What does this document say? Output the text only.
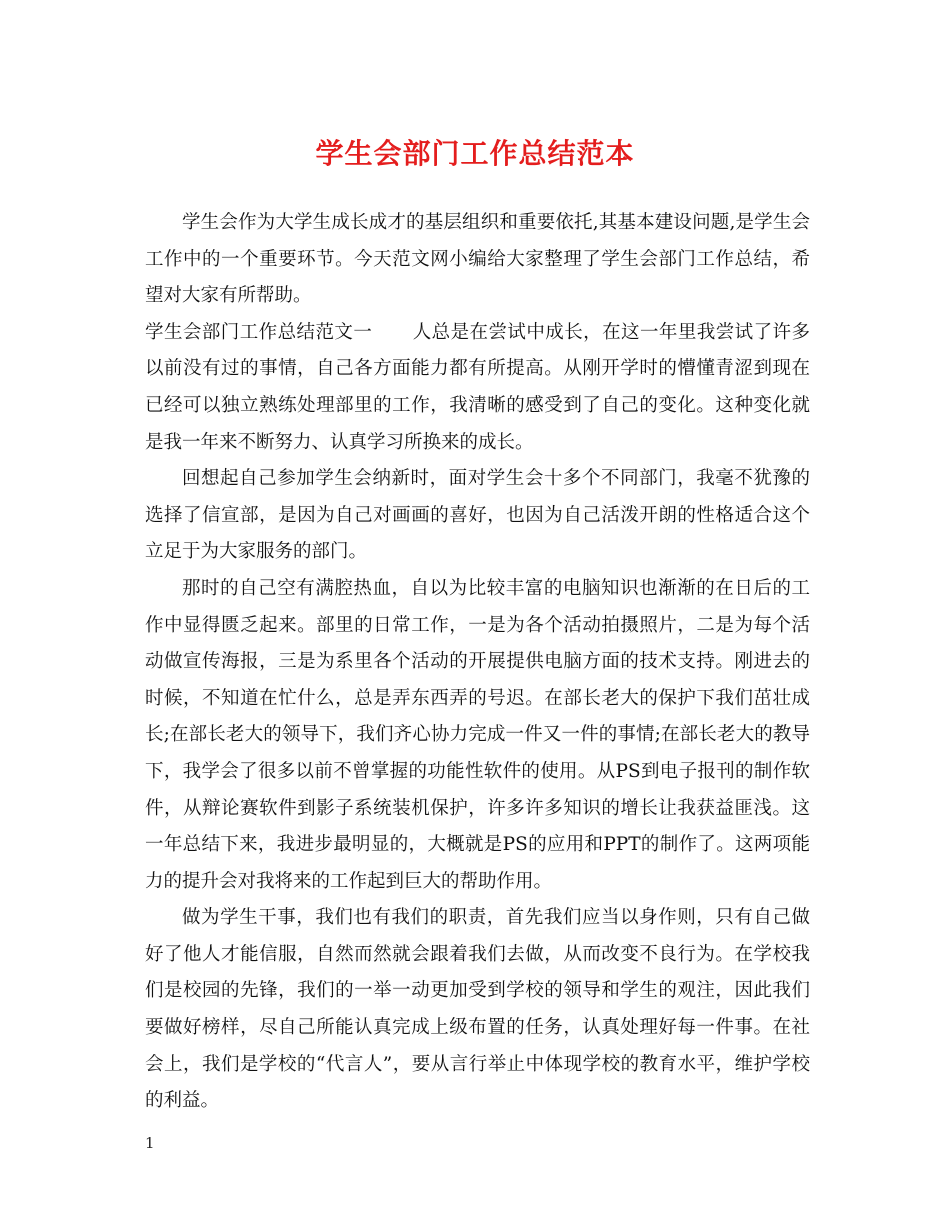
学生会部门工作总结范本

学生会作为大学生成长成才的基层组织和重要依托,其基本建设问题,是学生会工作中的一个重要环节。今天范文网小编给大家整理了学生会部门工作总结，希望对大家有所帮助。

学生会部门工作总结范文一 人总是在尝试中成长，在这一年里我尝试了许多以前没有过的事情，自己各方面能力都有所提高。从刚开学时的懵懂青涩到现在已经可以独立熟练处理部里的工作，我清晰的感受到了自己的变化。这种变化就是我一年来不断努力、认真学习所换来的成长。

回想起自己参加学生会纳新时，面对学生会十多个不同部门，我毫不犹豫的选择了信宣部，是因为自己对画画的喜好，也因为自己活泼开朗的性格适合这个立足于为大家服务的部门。

那时的自己空有满腔热血，自以为比较丰富的电脑知识也渐渐的在日后的工作中显得匮乏起来。部里的日常工作，一是为各个活动拍摄照片，二是为每个活动做宣传海报，三是为系里各个活动的开展提供电脑方面的技术支持。刚进去的时候，不知道在忙什么，总是弄东西弄的号迟。在部长老大的保护下我们茁壮成长;在部长老大的领导下，我们齐心协力完成一件又一件的事情;在部长老大的教导下，我学会了很多以前不曾掌握的功能性软件的使用。从PS到电子报刊的制作软件，从辩论赛软件到影子系统装机保护，许多许多知识的增长让我获益匪浅。这一年总结下来，我进步最明显的，大概就是PS的应用和PPT的制作了。这两项能力的提升会对我将来的工作起到巨大的帮助作用。

做为学生干事，我们也有我们的职责，首先我们应当以身作则，只有自己做好了他人才能信服，自然而然就会跟着我们去做，从而改变不良行为。在学校我们是校园的先锋，我们的一举一动更加受到学校的领导和学生的观注，因此我们要做好榜样，尽自己所能认真完成上级布置的任务，认真处理好每一件事。在社会上，我们是学校的“代言人”，要从言行举止中体现学校的教育水平，维护学校的利益。

1
